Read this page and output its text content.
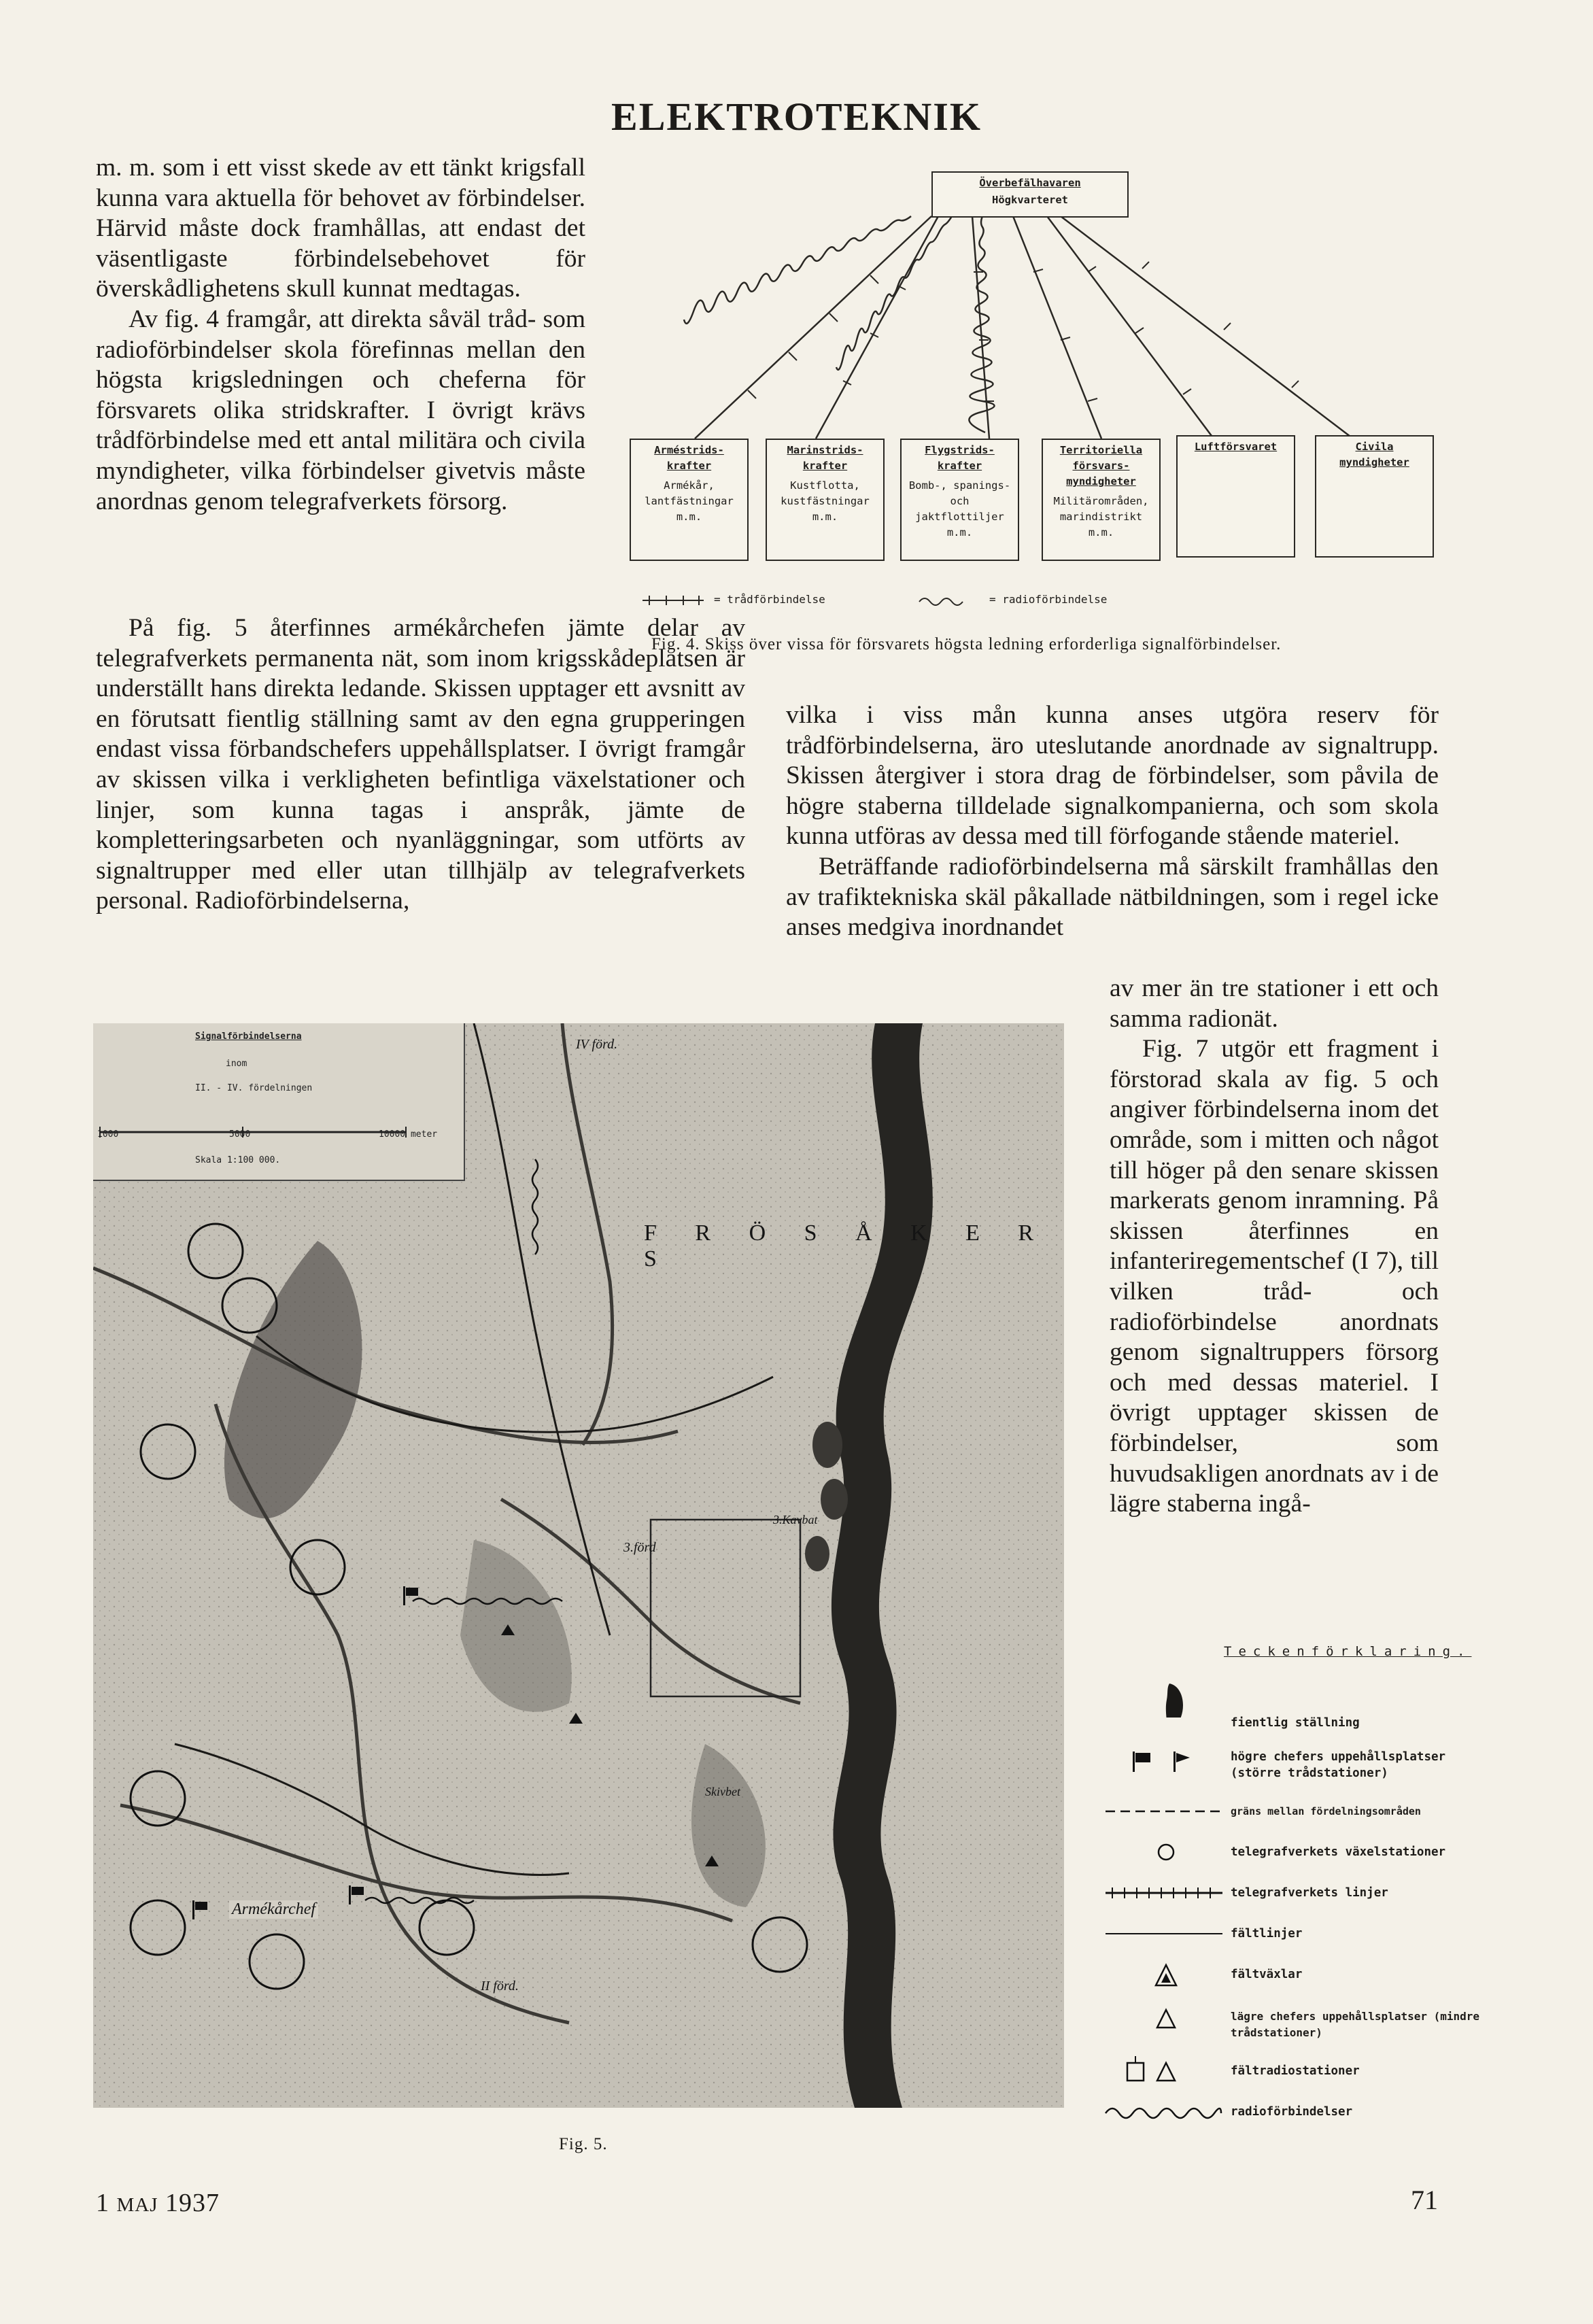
ELEKTROTEKNIK

m. m. som i ett visst skede av ett tänkt krigsfall kunna vara aktuella för behovet av förbindelser. Härvid måste dock framhållas, att endast det väsentligaste förbindelsebehovet för överskådlighetens skull kunnat medtagas.

Av fig. 4 framgår, att direkta såväl tråd- som radioförbindelser skola förefinnas mellan den högsta krigsledningen och cheferna för försvarets olika stridskrafter. I övrigt krävs trådförbindelse med ett antal militära och civila myndigheter, vilka förbindelser givetvis måste anordnas genom telegrafverkets försorg.

På fig. 5 återfinnes armékårchefen jämte delar av telegrafverkets permanenta nät, som inom krigsskådeplatsen är underställt hans direkta ledande. Skissen upptager ett avsnitt av en förutsatt fientlig ställning samt av den egna grupperingen endast vissa förbandschefers uppehållsplatser. I övrigt framgår av skissen vilka i verkligheten befintliga växelstationer och linjer, som kunna tagas i anspråk, jämte de kompletteringsarbeten och nyanläggningar, som utförts av signaltrupper med eller utan tillhjälp av telegrafverkets personal. Radioförbindelserna,

vilka i viss mån kunna anses utgöra reserv för trådförbindelserna, äro uteslutande anordnade av signaltrupp. Skissen återgiver i stora drag de förbindelser, som påvila de högre staberna tilldelade signalkompanierna, och som skola kunna utföras av dessa med till förfogande stående materiel.

Beträffande radioförbindelserna må särskilt framhållas den av trafiktekniska skäl påkallade nätbildningen, som i regel icke anses medgiva inordnandet

av mer än tre stationer i ett och samma radionät.

Fig. 7 utgör ett fragment i förstorad skala av fig. 5 och angiver förbindelserna inom det område, som i mitten och något till höger på den senare skissen markerats genom inramning. På skissen återfinnes en infanteriregementschef (I 7), till vilken tråd- och radioförbindelse anordnats genom signaltruppers försorg och med dessas materiel. I övrigt upptager skissen de förbindelser, som huvudsakligen anordnats av i de lägre staberna ingå-

Överbefälhavaren
Högkvarteret
Arméstrids-
krafter
Armékår, lantfästningar m.m.
Marinstrids-
krafter
Kustflotta, kustfästningar m.m.
Flygstrids-
krafter
Bomb-, spanings- och jaktflottiljer m.m.
Territoriella
försvars-myndigheter
Militärområden, marindistrikt m.m.
Luftförsvaret	Civila
myndigheter
= trådförbindelse	= radioförbindelse
Fig. 4. Skiss över vissa för försvarets högsta ledning erforderliga signalförbindelser.
Signalförbindelserna
inom
II. - IV. fördelningen
1000	5000	10000 meter
Skala 1:100 000.
F R Ö S Å K E R S
Armékårchef
IV förd.
II förd.
3.förd
3.Kavbat
Skivbet
Fig. 5.
Teckenförklaring.
fientlig ställning
högre chefers uppehållsplatser (större trådstationer)
gräns mellan fördelningsområden
telegrafverkets växelstationer
telegrafverkets linjer
fältlinjer
fältväxlar
lägre chefers uppehållsplatser (mindre trådstationer)
fältradiostationer
radioförbindelser
1 MAJ 1937	71
